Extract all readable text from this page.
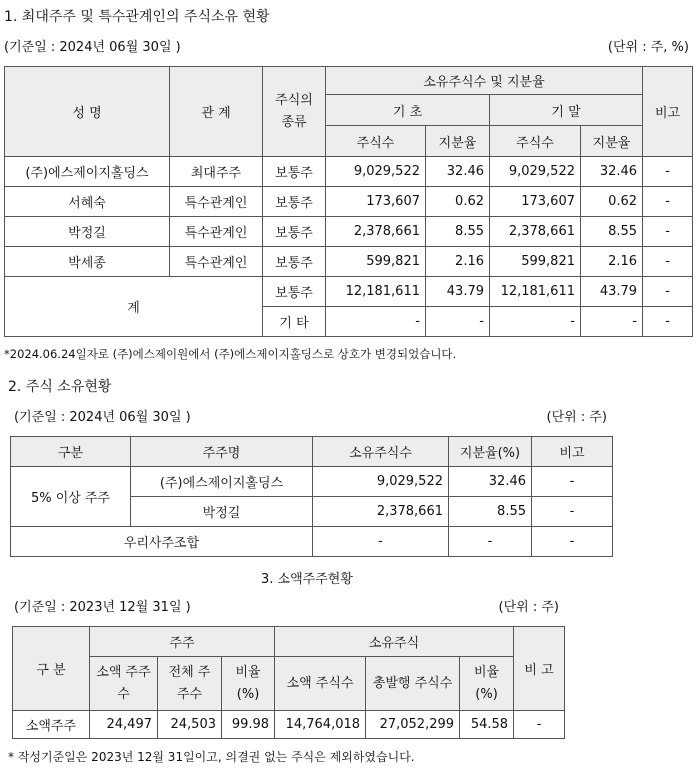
1. 최대주주 및 특수관계인의 주식소유 현황
(기준일 : 2024년 06월 30일 )	(단위 : 주, %)
성 명	관 계	주식의 종류	소유주식수 및 지분율				비고
			기 초		기 말		
			주식수	지분율	주식수	지분율	
(주)에스제이지홀딩스	최대주주	보통주	9,029,522	32.46	9,029,522	32.46	-
서혜숙	특수관계인	보통주	173,607	0.62	173,607	0.62	-
박정길	특수관계인	보통주	2,378,661	8.55	2,378,661	8.55	-
박세종	특수관계인	보통주	599,821	2.16	599,821	2.16	-
계		보통주	12,181,611	43.79	12,181,611	43.79	-
		기 타	-	-	-	-	-
*2024.06.24일자로 (주)에스제이원에서 (주)에스제이지홀딩스로 상호가 변경되었습니다.
2. 주식 소유현황
(기준일 : 2024년 06월 30일 )	(단위 : 주)
구분	주주명	소유주식수	지분율(%)	비고
5% 이상 주주	(주)에스제이지홀딩스	9,029,522	32.46	-
	박정길	2,378,661	8.55	-
우리사주조합		-	-	-
3. 소액주주현황
(기준일 : 2023년 12월 31일 )	(단위 : 주)
구 분	주주			소유주식			비 고
	소액 주주수	전체 주주수	비율 (%)	소액 주식수	총발행 주식수	비율 (%)	
소액주주	24,497	24,503	99.98	14,764,018	27,052,299	54.58	-
* 작성기준일은 2023년 12월 31일이고, 의결권 없는 주식은 제외하였습니다.
